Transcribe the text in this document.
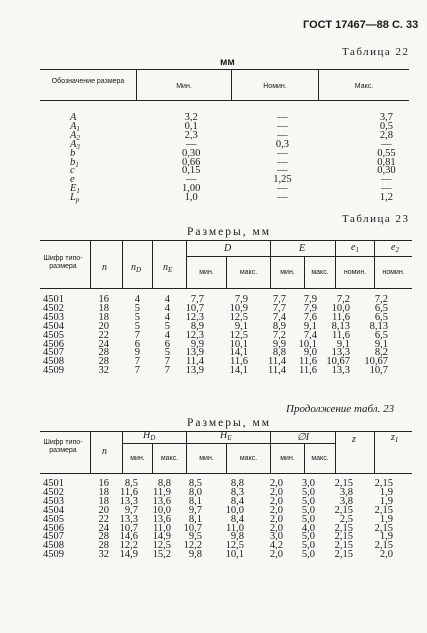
ГОСТ 17467—88 С. 33
Таблица 22
мм
Обозначение размера
Мин.	Номин.	Макс.
A	3,2	—	3,7
$A_1$	0,1	—	0,5
$A_2$	2,3	—	2,8
$A_3$	—	0,3	—
b	0,30	—	0,55
$b_1$	0,66	—	0,81
c	0,15	—	0,30
e	—	1,25	—
$E_1$	1,00	—	—
$L_p$	1,0	—	1,2
Таблица 23
Размеры, мм
Шифр типо-размера	n $n_D$ $n_E$
D	E	$e_1$	$e_2$
мин.	макс.	мин.	макс.	номин.	номин.
4501	16	4	4	7,7	7,9	7,7	7,9	7,2	7,2
4502	18	5	4	10,7	10,9	7,7	7,9	10,0	6,5
4503	18	5	4	12,3	12,5	7,4	7,6	11,6	6,5
4504	20	5	5	8,9	9,1	8,9	9,1	8,13	8,13
4505	22	7	4	12,3	12,5	7,2	7,4	11,6	6,5
4506	24	6	6	9,9	10,1	9,9	10,1	9,1	9,1
4507	28	9	5	13,9	14,1	8,8	9,0	13,3	8,2
4508	28	7	7	11,4	11,6	11,4	11,6	10,67	10,67
4509	32	7	7	13,9	14,1	11,4	11,6	13,3	10,7
Продолжение табл. 23
Размеры, мм
Шифр типо-размера	n
$H_D$	$H_E$	∅I	z	$z_1$
мин.	макс.	мин.	макс.	мин.	макс.
4501	16	8,5	8,8	8,5	8,8	2,0	3,0	2,15	2,15
4502	18	11,6	11,9	8,0	8,3	2,0	5,0	3,8	1,9
4503	18	13,3	13,6	8,1	8,4	2,0	5,0	3,8	1,9
4504	20	9,7	10,0	9,7	10,0	2,0	5,0	2,15	2,15
4505	22	13,3	13,6	8,1	8,4	2,0	5,0	2,5	1,9
4506	24	10,7	11,0	10,7	11,0	2,0	4,0	2,15	2,15
4507	28	14,6	14,9	9,5	9,8	3,0	5,0	2,15	1,9
4508	28	12,2	12,5	12,2	12,5	4,2	5,0	2,15	2,15
4509	32	14,9	15,2	9,8	10,1	2,0	5,0	2,15	2,0
